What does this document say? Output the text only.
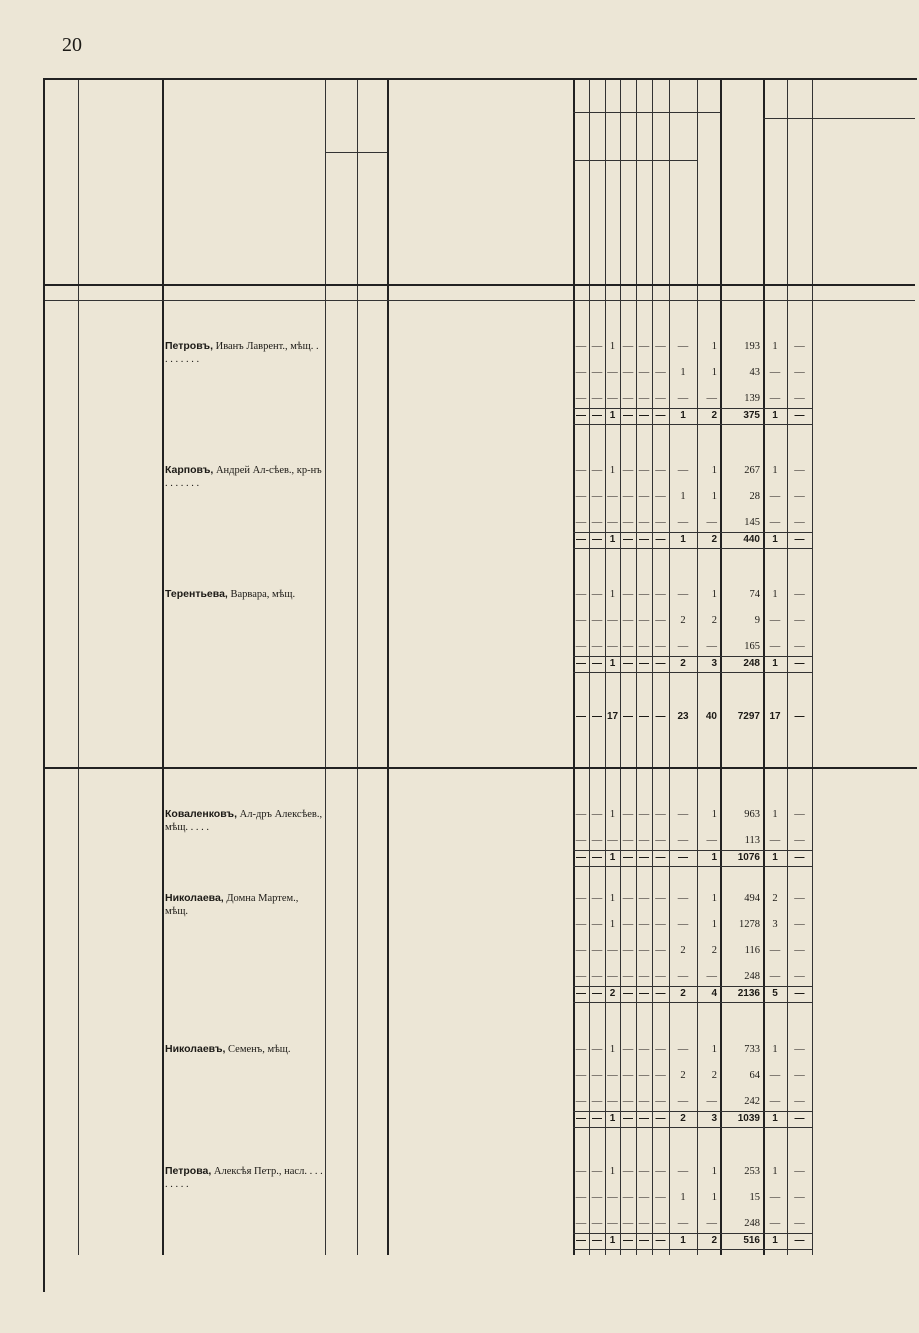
20
Петровъ, Иванъ Лаврент., мѣщ. . . . . . . . .
— — 1 — — —	—	1	193	1	—
— — — — — —	1	1	43 —	—
— — — — — —	—	—	139 —	—
— — 1 — — —	1	2	375	1	—
Карповъ, Андрей Ал-сѣев., кр-нъ . . . . . . .
— — 1 — — —	—	1	267	1	—
— — — — — —	1	1	28 —	—
— — — — — —	—	—	145 —	—
— — 1 — — —	1	2	440	1	—
Терентьева, Варвара, мѣщ.	— — 1 — — —	—	1	74	1	—
— — — — — —	2	2	9 —	—
— — — — — —	—	—	165 —	—
— — 1 — — —	2	3	248	1	—
Коваленковъ, Ал-дръ Алексѣев., мѣщ. . . . .
— — 1 — — —	—	1	963	1	—
— — — — — —	—	—	113 —	—
— — 1 — — —	—	1	1076	1	—
Николаева, Домна Мартем., мѣщ.
— — 1 — — —	—	1	494	2	—
— — 1 — — —	—	1	1278	3	—
— — — — — —	2	2	116 —	—
— — — — — —	—	—	248 —	—
— — 2 — — —	2	4	2136	5	—
Николаевъ, Семенъ, мѣщ.	— — 1 — — —	—	1	733	1	—
— — — — — —	2	2	64 —	—
— — — — — —	—	—	242 —	—
— — 1 — — —	2	3	1039	1	—
Петрова, Алексѣя Петр., насл. . . . . . . . .
— — 1 — — —	—	1	253	1	—
— — — — — —	1	1	15 —	—
— — — — — —	—	—	248 —	—
— — 1 — — —	1	2	516	1	—
— — 17 — — —	23	40	7297 17	—
